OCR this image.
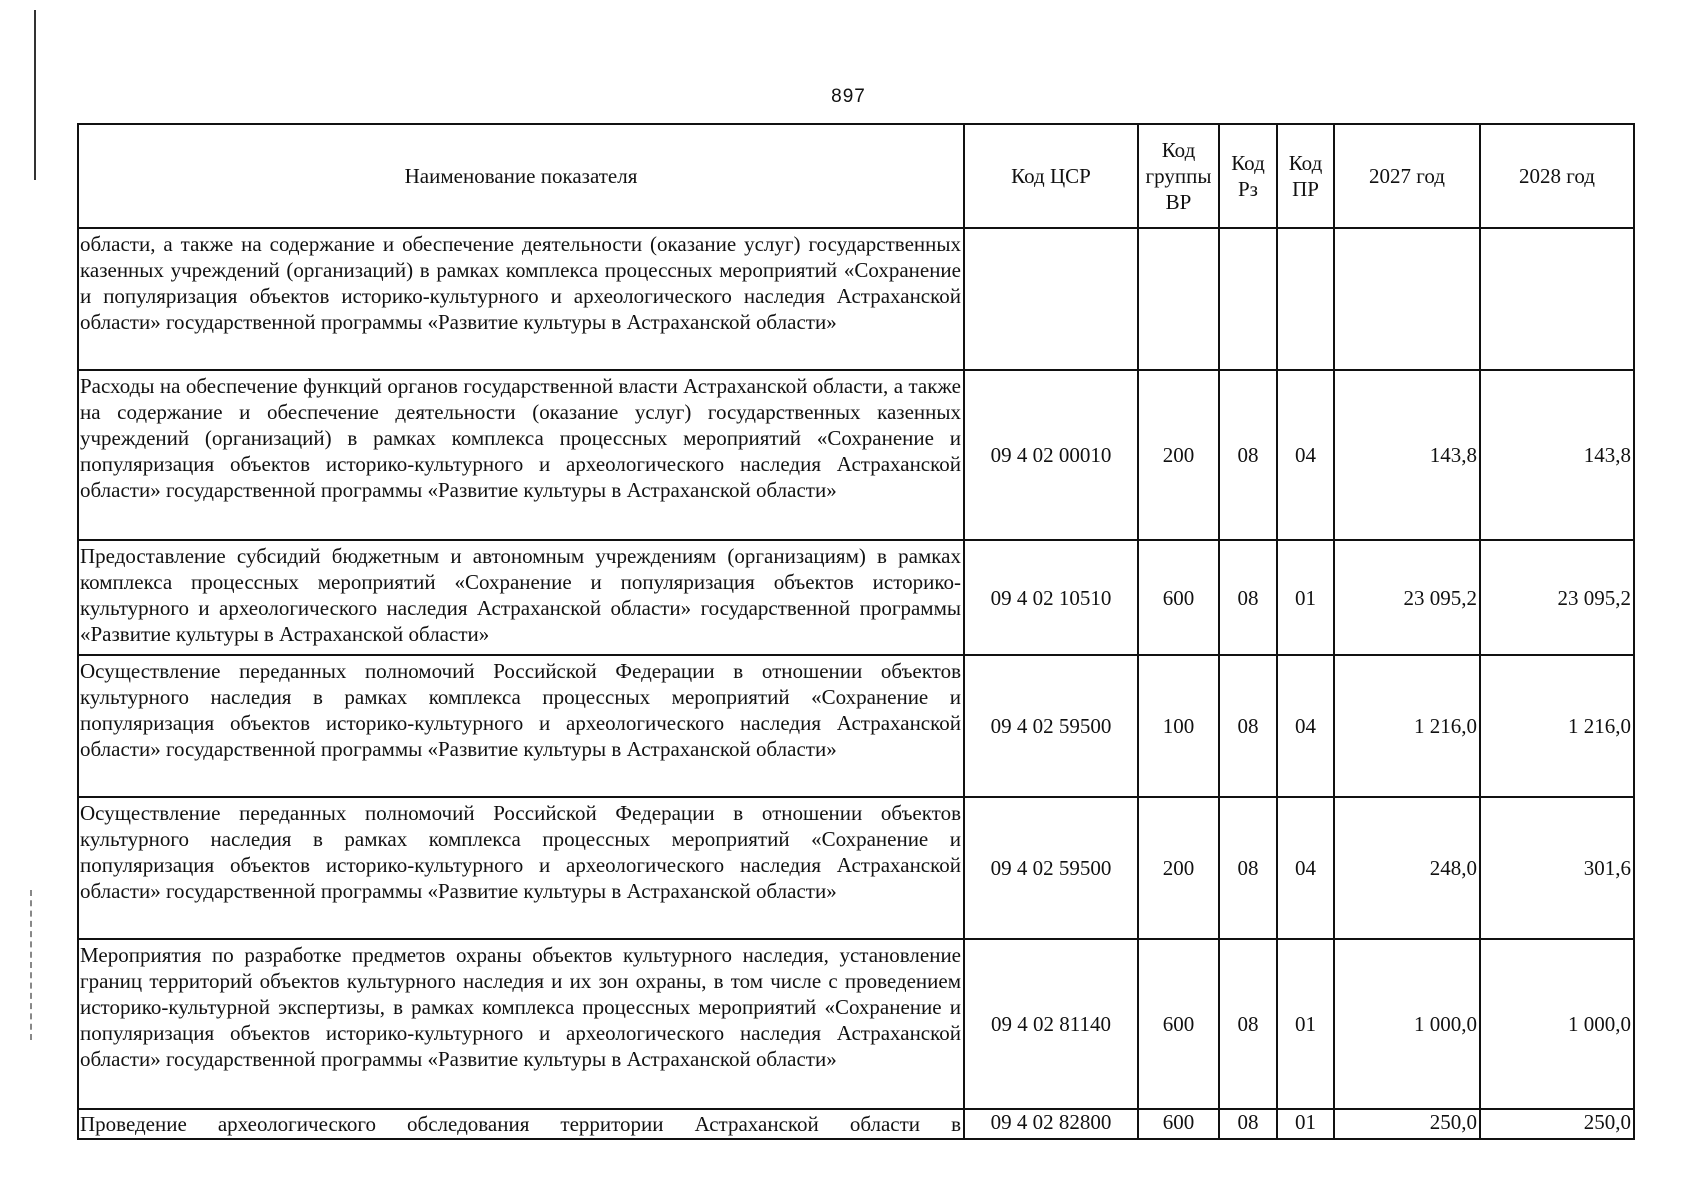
897
Наименование показателя	Код ЦСР	Код группы ВР	Код Рз	Код ПР	2027 год	2028 год
области, а также на содержание и обеспечение деятельности (оказание услуг) государственных казенных учреждений (организаций) в рамках комплекса процессных мероприятий «Сохранение и популяризация объектов историко-культурного и археологического наследия Астраханской области» государственной программы «Развитие культуры в Астраханской области»						
Расходы на обеспечение функций органов государственной власти Астраханской области, а также на содержание и обеспечение деятельности (оказание услуг) государственных казенных учреждений (организаций) в рамках комплекса процессных мероприятий «Сохранение и популяризация объектов историко-культурного и археологического наследия Астраханской области» государственной программы «Развитие культуры в Астраханской области»	09 4 02 00010	200	08	04	143,8	143,8
Предоставление субсидий бюджетным и автономным учреждениям (организациям) в рамках комплекса процессных мероприятий «Сохранение и популяризация объектов историко-культурного и археологического наследия Астраханской области» государственной программы «Развитие культуры в Астраханской области»	09 4 02 10510	600	08	01	23 095,2	23 095,2
Осуществление переданных полномочий Российской Федерации в отношении объектов культурного наследия в рамках комплекса процессных мероприятий «Сохранение и популяризация объектов историко-культурного и археологического наследия Астраханской области» государственной программы «Развитие культуры в Астраханской области»	09 4 02 59500	100	08	04	1 216,0	1 216,0
Осуществление переданных полномочий Российской Федерации в отношении объектов культурного наследия в рамках комплекса процессных мероприятий «Сохранение и популяризация объектов историко-культурного и археологического наследия Астраханской области» государственной программы «Развитие культуры в Астраханской области»	09 4 02 59500	200	08	04	248,0	301,6
Мероприятия по разработке предметов охраны объектов культурного наследия, установление границ территорий объектов культурного наследия и их зон охраны, в том числе с проведением историко-культурной экспертизы, в рамках комплекса процессных мероприятий «Сохранение и популяризация объектов историко-культурного и археологического наследия Астраханской области» государственной программы «Развитие культуры в Астраханской области»	09 4 02 81140	600	08	01	1 000,0	1 000,0
Проведение археологического обследования территории Астраханской области в	09 4 02 82800	600	08	01	250,0	250,0
